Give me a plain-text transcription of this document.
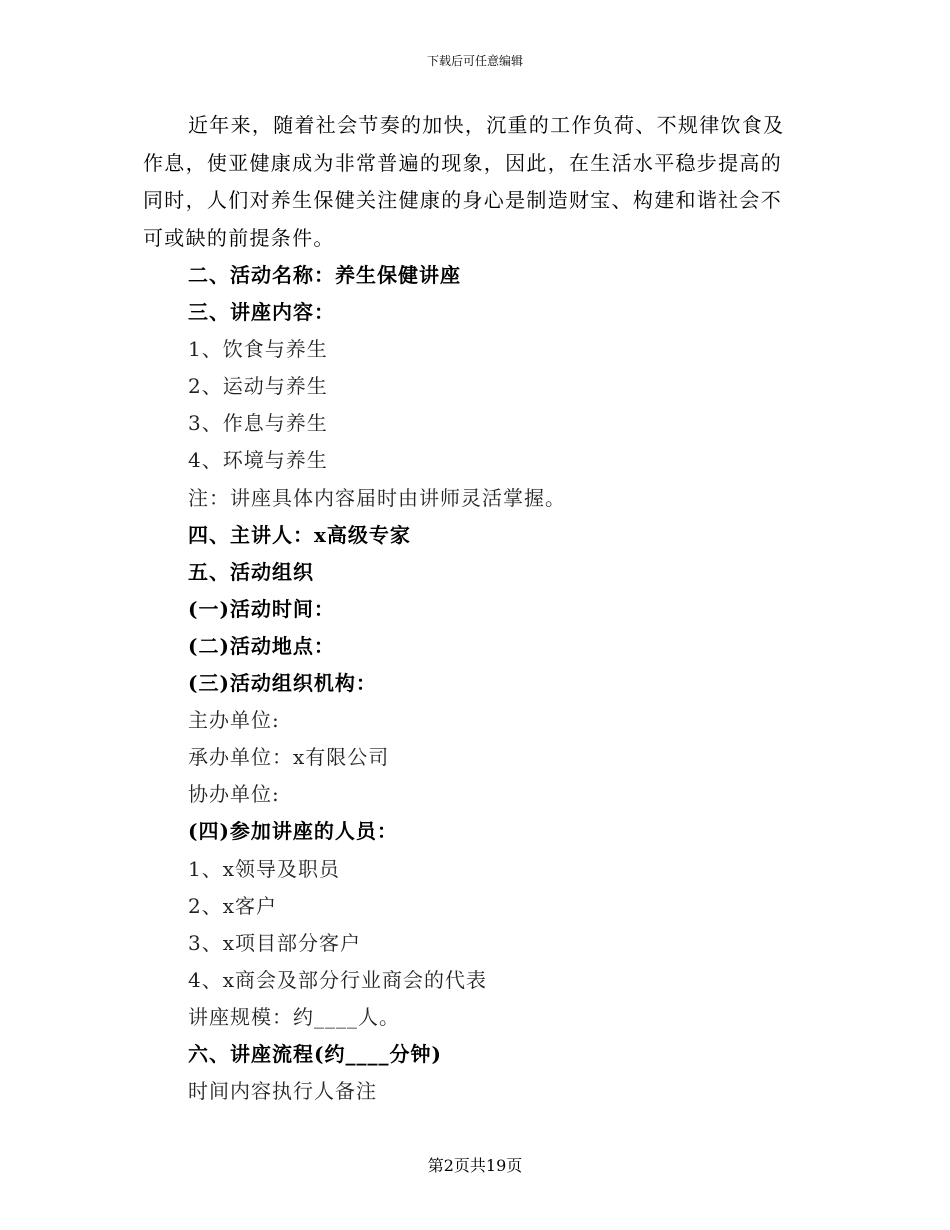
下载后可任意编辑

近年来，随着社会节奏的加快，沉重的工作负荷、不规律饮食及作息，使亚健康成为非常普遍的现象，因此，在生活水平稳步提高的同时，人们对养生保健关注健康的身心是制造财宝、构建和谐社会不可或缺的前提条件。

二、活动名称：养生保健讲座

三、讲座内容：

1、饮食与养生

2、运动与养生

3、作息与养生

4、环境与养生

注：讲座具体内容届时由讲师灵活掌握。

四、主讲人：x高级专家

五、活动组织

(一)活动时间：

(二)活动地点：

(三)活动组织机构：

主办单位:

承办单位：x有限公司

协办单位:

(四)参加讲座的人员：

1、x领导及职员

2、x客户

3、x项目部分客户

4、x商会及部分行业商会的代表

讲座规模：约____人。

六、讲座流程(约____分钟)

时间内容执行人备注

第2页共19页
